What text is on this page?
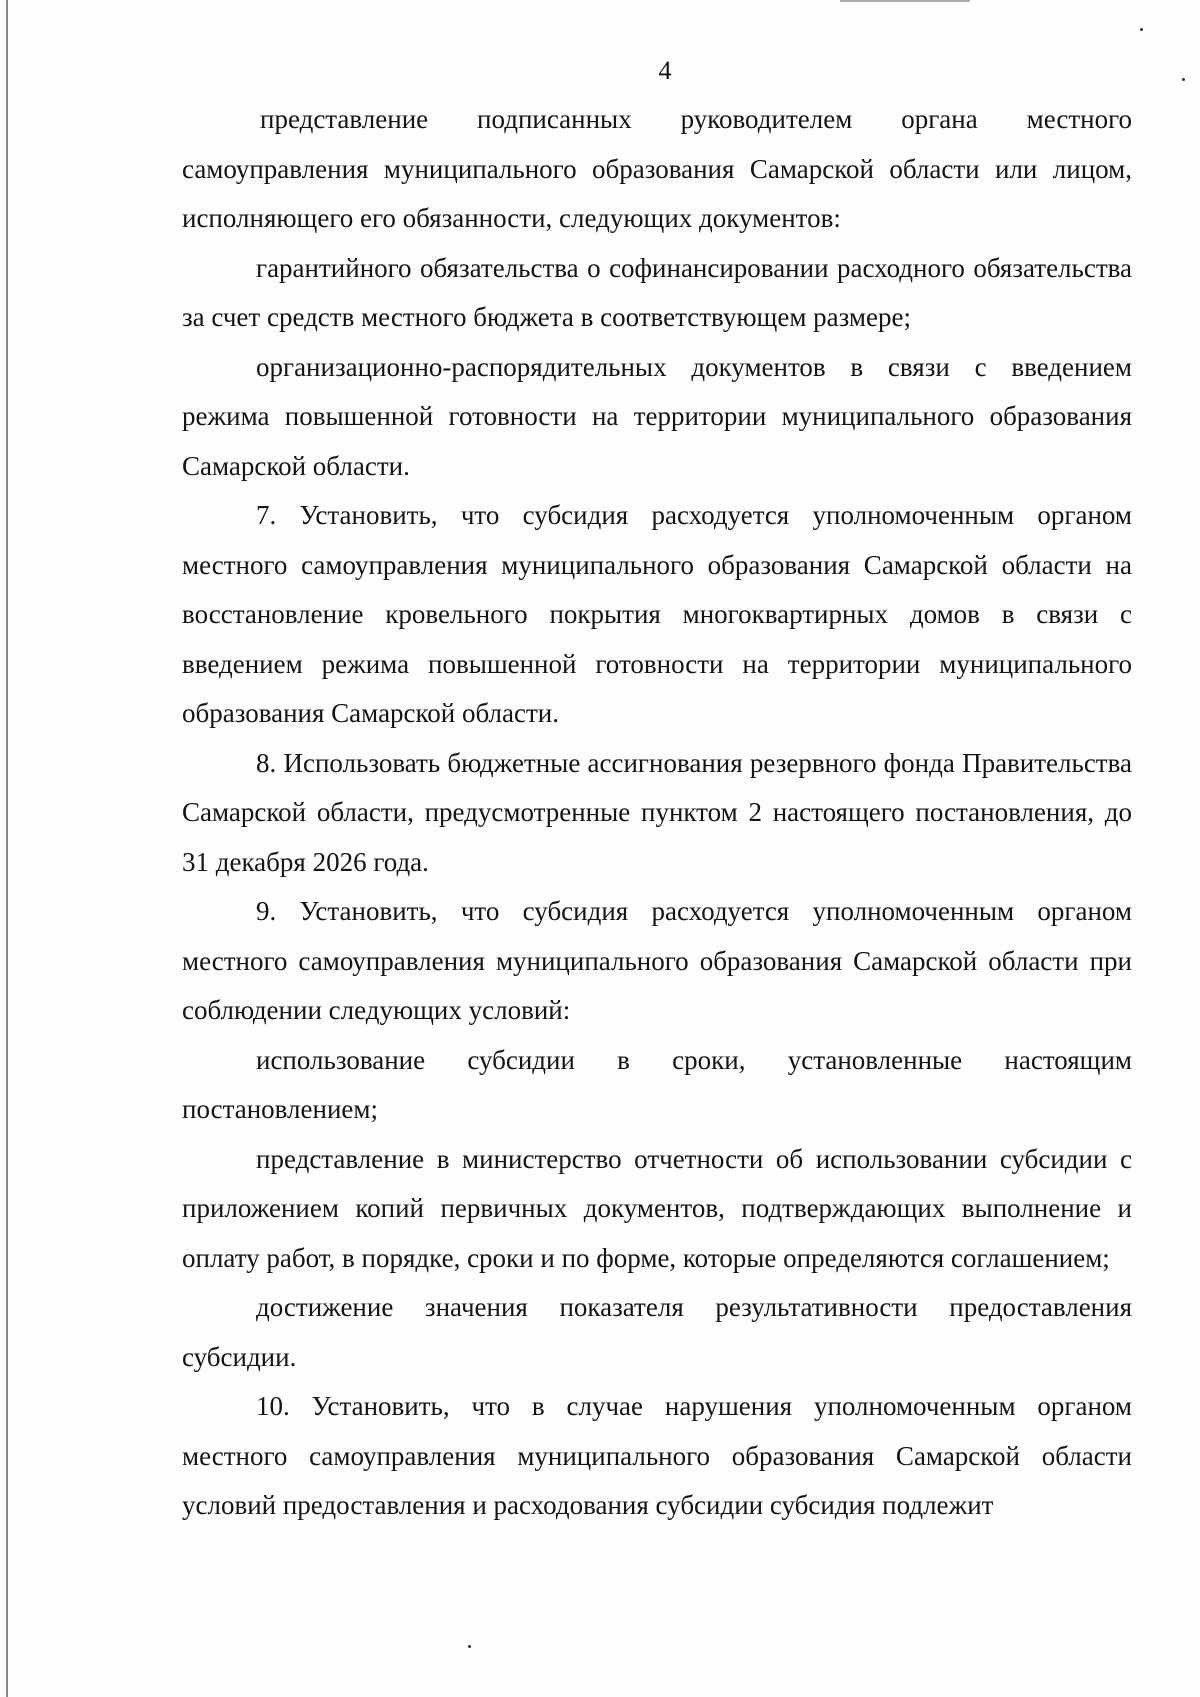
4

представление подписанных руководителем органа местного самоуправления муниципального образования Самарской области или лицом, исполняющего его обязанности, следующих документов:

гарантийного обязательства о софинансировании расходного обязательства за счет средств местного бюджета в соответствующем размере;

организационно-распорядительных документов в связи с введением режима повышенной готовности на территории муниципального образования Самарской области.

7. Установить, что субсидия расходуется уполномоченным органом местного самоуправления муниципального образования Самарской области на восстановление кровельного покрытия многоквартирных домов в связи с введением режима повышенной готовности на территории муниципального образования Самарской области.

8. Использовать бюджетные ассигнования резервного фонда Правительства Самарской области, предусмотренные пунктом 2 настоящего постановления, до 31 декабря 2026 года.

9. Установить, что субсидия расходуется уполномоченным органом местного самоуправления муниципального образования Самарской области при соблюдении следующих условий:

использование субсидии в сроки, установленные настоящим постановлением;

представление в министерство отчетности об использовании субсидии с приложением копий первичных документов, подтверждающих выполнение и оплату работ, в порядке, сроки и по форме, которые определяются соглашением;

достижение значения показателя результативности предоставления субсидии.

10. Установить, что в случае нарушения уполномоченным органом местного самоуправления муниципального образования Самарской области условий предоставления и расходования субсидии субсидия подлежит
